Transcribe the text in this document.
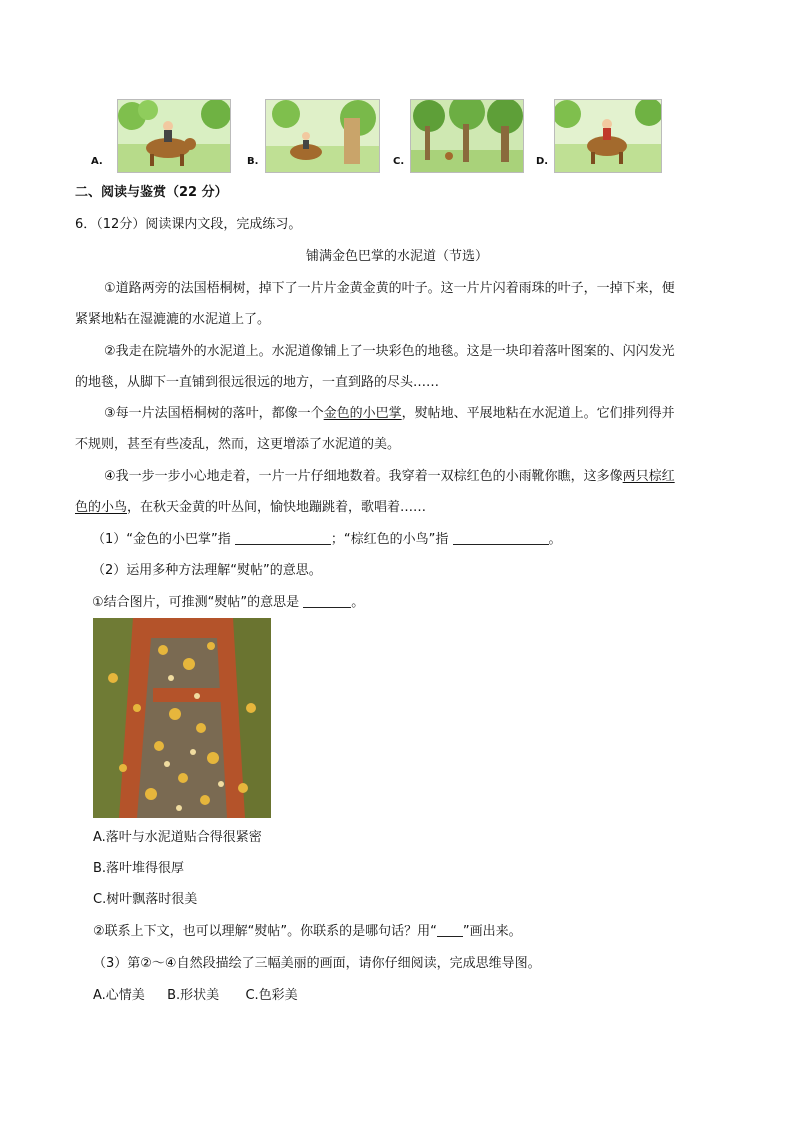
A.	B.	C.	D.
二、阅读与鉴赏（22 分）
6．（12分）阅读课内文段，完成练习。
铺满金色巴掌的水泥道（节选）
①道路两旁的法国梧桐树，掉下了一片片金黄金黄的叶子。这一片片闪着雨珠的叶子，一掉下来，便
紧紧地粘在湿漉漉的水泥道上了。
②我走在院墙外的水泥道上。水泥道像铺上了一块彩色的地毯。这是一块印着落叶图案的、闪闪发光
的地毯，从脚下一直铺到很远很远的地方，一直到路的尽头……
③每一片法国梧桐树的落叶，都像一个金色的小巴掌，熨帖地、平展地粘在水泥道上。它们排列得并
不规则，甚至有些凌乱，然而，这更增添了水泥道的美。
④我一步一步小心地走着，一片一片仔细地数着。我穿着一双棕红色的小雨靴你瞧，这多像两只棕红
色的小鸟，在秋天金黄的叶丛间，愉快地蹦跳着，歌唱着……
（1）“金色的小巴掌”指	；“棕红色的小鸟”指	。
（2）运用多种方法理解“熨帖”的意思。
①结合图片，可推测“熨帖”的意思是	。
A.落叶与水泥道贴合得很紧密
B.落叶堆得很厚
C.树叶飘落时很美
②联系上下文，也可以理解“熨帖”。你联系的是哪句话？用“ ”画出来。
（3）第②～④自然段描绘了三幅美丽的画面，请你仔细阅读，完成思维导图。
A.心情美 B.形状美 C.色彩美
